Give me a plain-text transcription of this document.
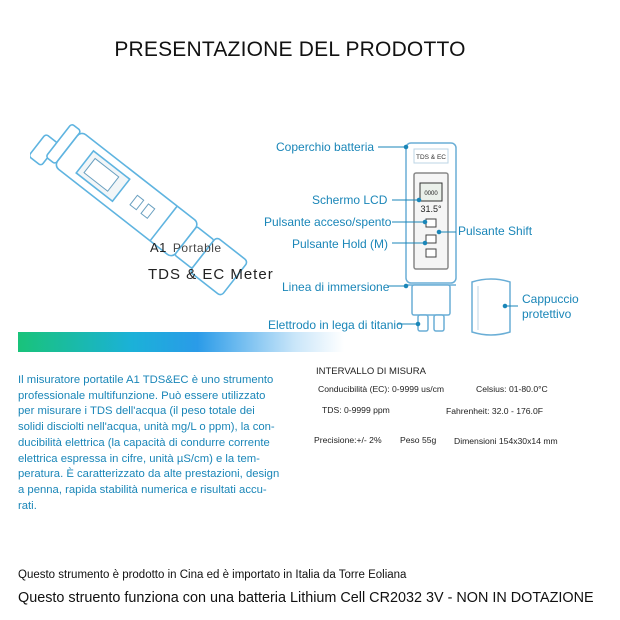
PRESENTAZIONE DEL PRODOTTO
A1 Portable
TDS & EC Meter
TDS & EC
0000
31.5°
Coperchio batteria
Schermo LCD
Pulsante acceso/spento
Pulsante Hold (M)
Pulsante Shift
Linea di immersione
Elettrodo in lega di titanio
Cappuccio
protettivo
Il misuratore portatile A1 TDS&EC è uno strumento
professionale multifunzione. Può essere utilizzato
per misurare i TDS dell'acqua (il peso totale dei
solidi disciolti nell'acqua, unità mg/L o ppm), la con-
ducibilità elettrica (la capacità di condurre corrente
elettrica espressa in cifre, unità µS/cm) e la tem-
peratura. È caratterizzato da alte prestazioni, design
a penna, rapida stabilità numerica e risultati accu-
rati.
INTERVALLO DI MISURA
Conducibilità (EC): 0-9999 us/cm	Celsius: 01-80.0°C
TDS: 0-9999 ppm	Fahrenheit: 32.0 - 176.0F
Precisione:+/- 2% Peso 55g Dimensioni 154x30x14 mm
Questo strumento è prodotto in Cina ed è importato in Italia da Torre Eoliana
Questo struento funziona con una batteria Lithium Cell CR2032 3V - NON IN DOTAZIONE
